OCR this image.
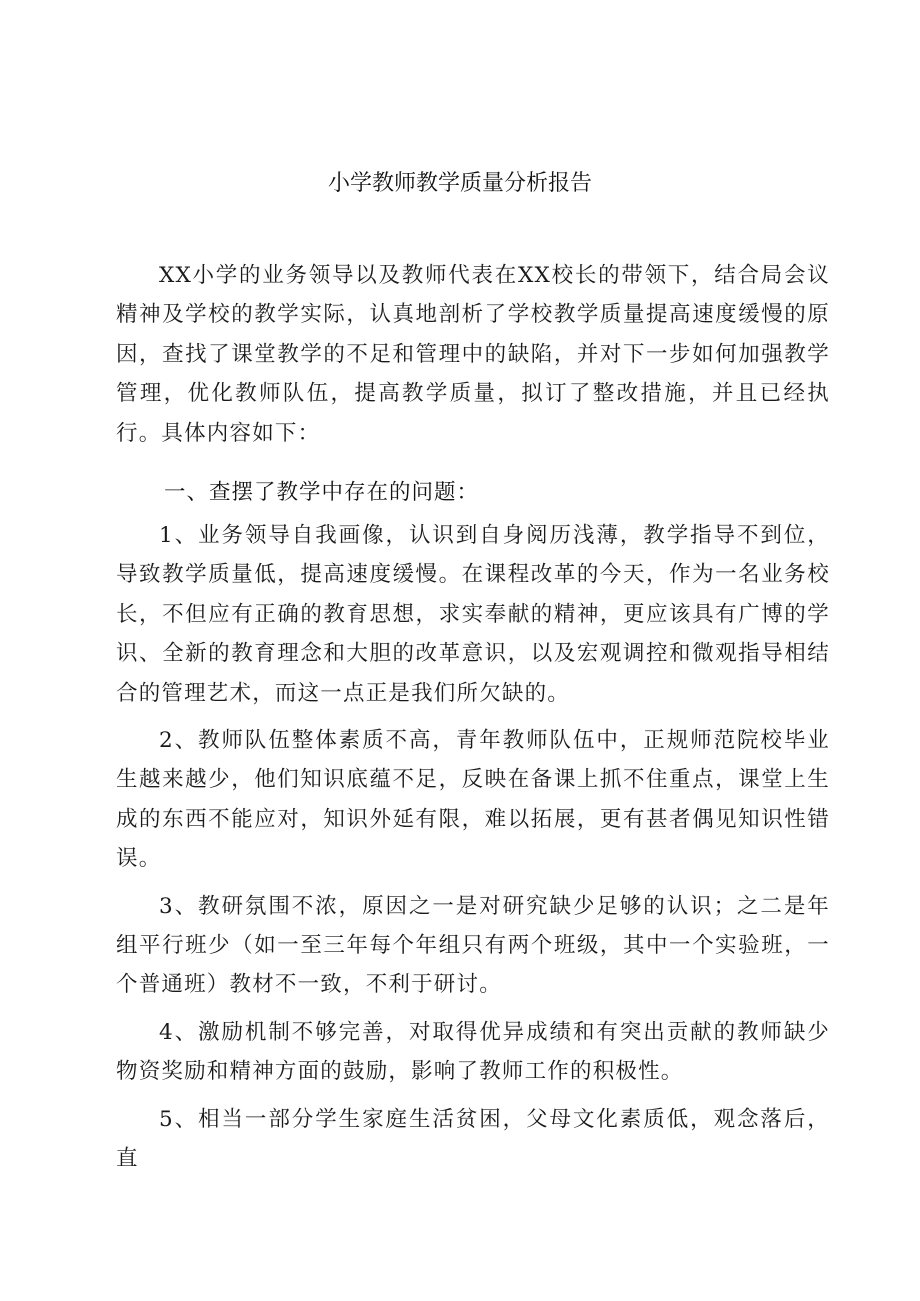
小学教师教学质量分析报告

XX小学的业务领导以及教师代表在XX校长的带领下，结合局会议精神及学校的教学实际，认真地剖析了学校教学质量提高速度缓慢的原因，查找了课堂教学的不足和管理中的缺陷，并对下一步如何加强教学管理，优化教师队伍，提高教学质量，拟订了整改措施，并且已经执行。具体内容如下：

一、查摆了教学中存在的问题：

1、业务领导自我画像，认识到自身阅历浅薄，教学指导不到位，导致教学质量低，提高速度缓慢。在课程改革的今天，作为一名业务校长，不但应有正确的教育思想，求实奉献的精神，更应该具有广博的学识、全新的教育理念和大胆的改革意识，以及宏观调控和微观指导相结合的管理艺术，而这一点正是我们所欠缺的。

2、教师队伍整体素质不高，青年教师队伍中，正规师范院校毕业生越来越少，他们知识底蕴不足，反映在备课上抓不住重点，课堂上生成的东西不能应对，知识外延有限，难以拓展，更有甚者偶见知识性错误。

3、教研氛围不浓，原因之一是对研究缺少足够的认识；之二是年组平行班少（如一至三年每个年组只有两个班级，其中一个实验班，一个普通班）教材不一致，不利于研讨。

4、激励机制不够完善，对取得优异成绩和有突出贡献的教师缺少物资奖励和精神方面的鼓励，影响了教师工作的积极性。

5、相当一部分学生家庭生活贫困，父母文化素质低，观念落后，直
